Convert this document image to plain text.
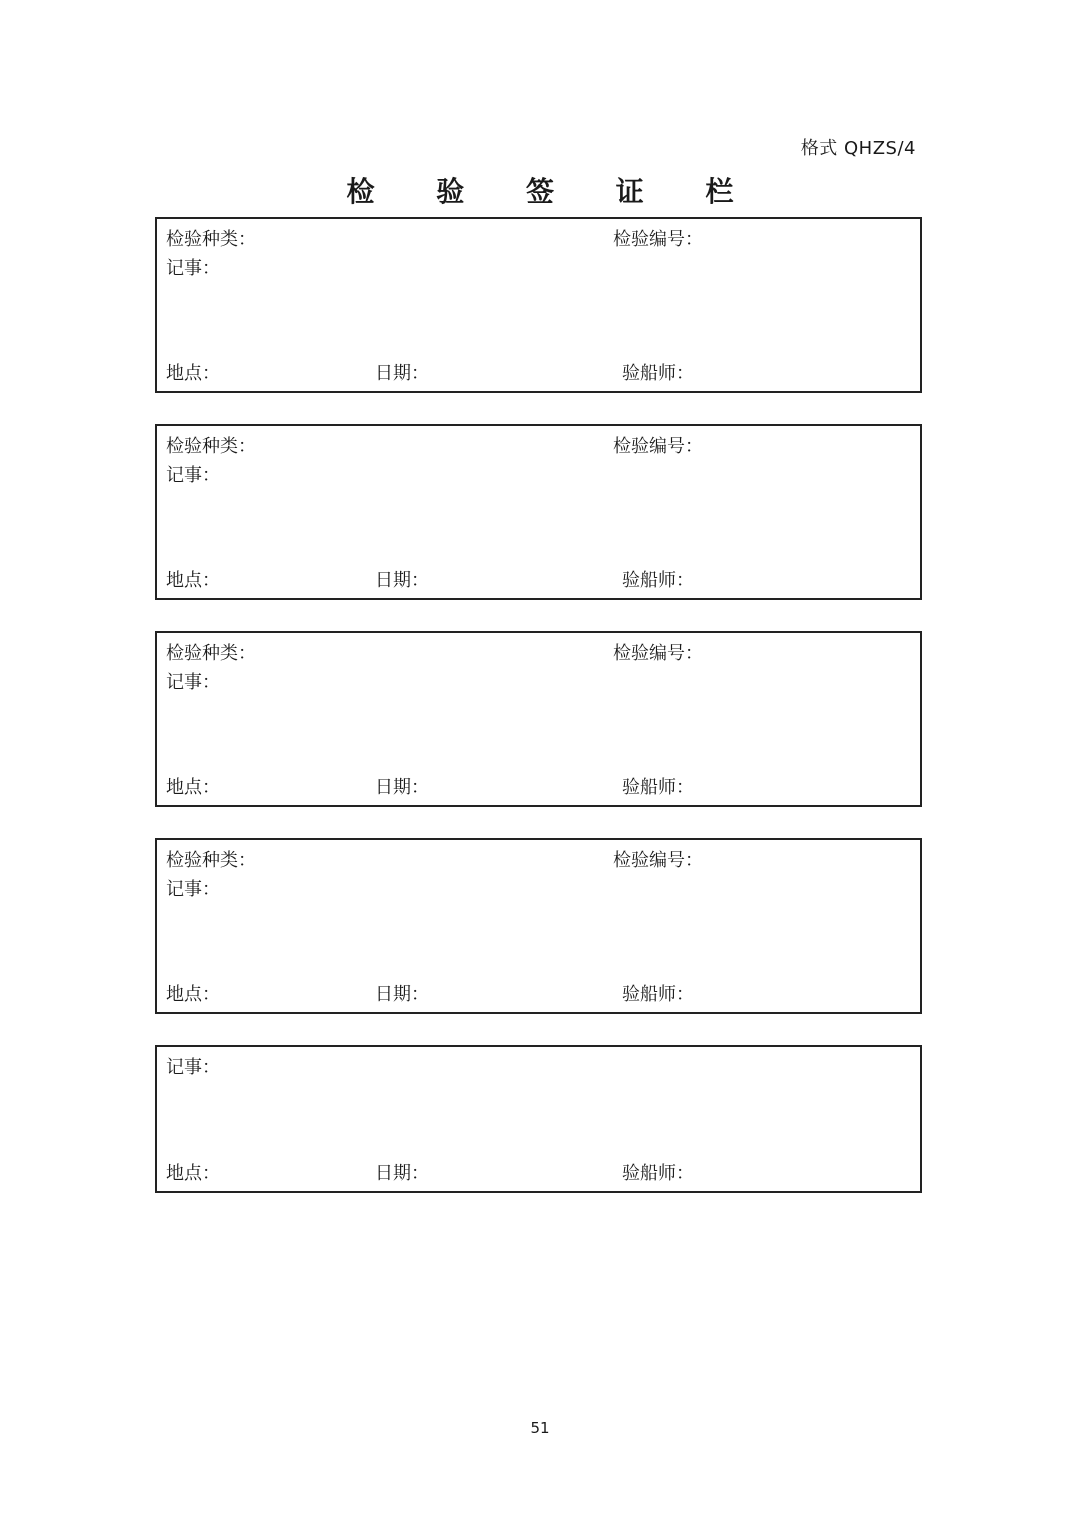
格式 QHZS/4
检 验 签 证 栏
检验种类：	检验编号：
记事：
地点：	日期：	验船师：
检验种类：	检验编号：
记事：
地点：	日期：	验船师：
检验种类：	检验编号：
记事：
地点：	日期：	验船师：
检验种类：	检验编号：
记事：
地点：	日期：	验船师：
记事：
地点：	日期：	验船师：
51
